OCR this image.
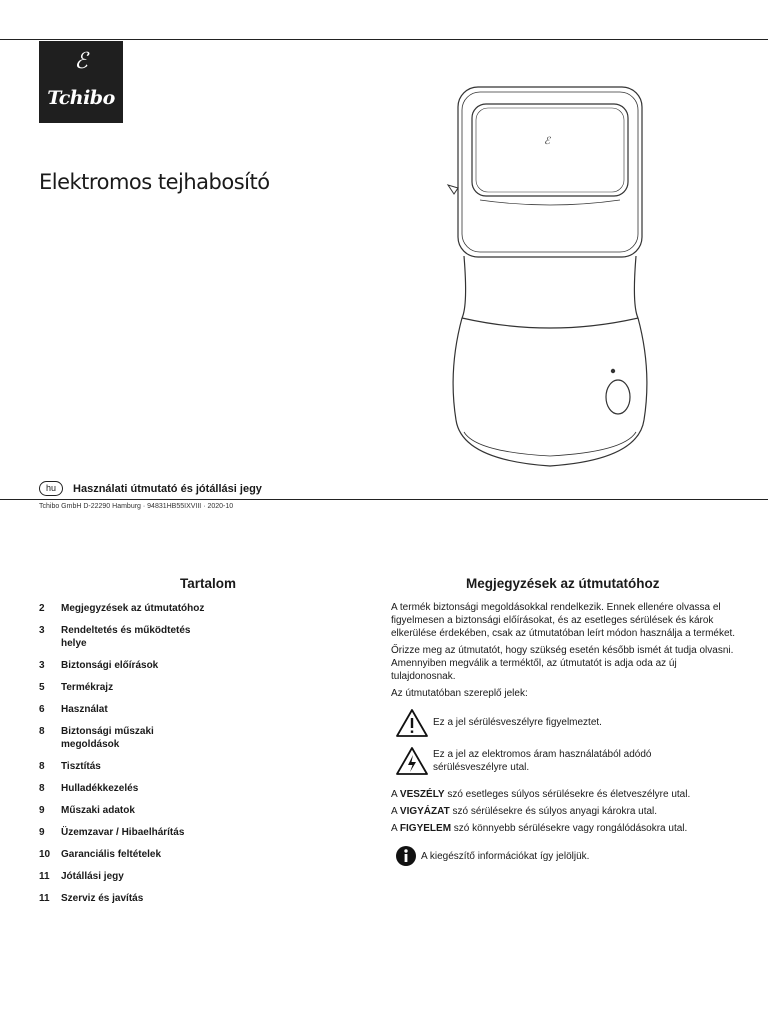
ℰ
Tchibo
Elektromos tejhabosító
ℰ
hu	Használati útmutató és jótállási jegy
Tchibo GmbH D-22290 Hamburg · 94831HB55IXVIII · 2020-10
Tartalom
2	Megjegyzések az útmutatóhoz
3	Rendeltetés és működtetés helye
3	Biztonsági előírások
5	Termékrajz
6	Használat
8	Biztonsági műszaki megoldások
8	Tisztítás
8	Hulladékkezelés
9	Műszaki adatok
9	Üzemzavar / Hibaelhárítás
10	Garanciális feltételek
11	Jótállási jegy
11	Szerviz és javítás
Megjegyzések az útmutatóhoz

A termék biztonsági megoldásokkal rendelkezik. Ennek ellenére olvassa el figyelmesen a biztonsági előírásokat, és az esetleges sérülések és károk elkerülése érdekében, csak az útmutatóban leírt módon használja a terméket.

Őrizze meg az útmutatót, hogy szükség esetén később ismét át tudja olvasni. Amennyiben megválik a terméktől, az útmutatót is adja oda az új tulajdonosnak.

Az útmutatóban szereplő jelek:

Ez a jel sérülésveszélyre figyelmeztet.
Ez a jel az elektromos áram használatából adódó sérülésveszélyre utal.

A VESZÉLY szó esetleges súlyos sérülésekre és életveszélyre utal.

A VIGYÁZAT szó sérülésekre és súlyos anyagi károkra utal.

A FIGYELEM szó könnyebb sérülésekre vagy rongálódásokra utal.

A kiegészítő információkat így jelöljük.
